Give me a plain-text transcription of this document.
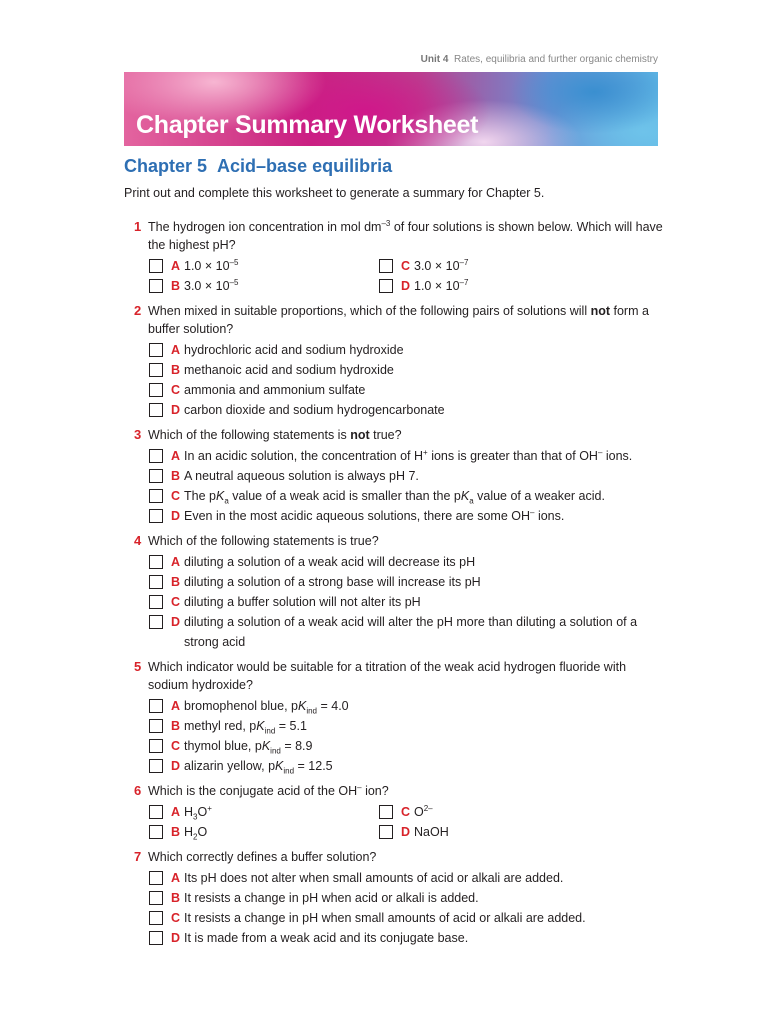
Unit 4 Rates, equilibria and further organic chemistry
Chapter Summary Worksheet
Chapter 5 Acid–base equilibria
Print out and complete this worksheet to generate a summary for Chapter 5.
1 The hydrogen ion concentration in mol $dm^{-3}$ of four solutions is shown below. Which will have the highest pH?
A $1.0 \times 10^{-5}$	C $3.0 \times 10^{-7}$
B $3.0 \times 10^{-5}$	D $1.0 \times 10^{-7}$
2 When mixed in suitable proportions, which of the following pairs of solutions will not form a buffer solution?
A hydrochloric acid and sodium hydroxide
B methanoic acid and sodium hydroxide
C ammonia and ammonium sulfate
D carbon dioxide and sodium hydrogencarbonate
3 Which of the following statements is not true?
A In an acidic solution, the concentration of H+ ions is greater than that of OH– ions.
B A neutral aqueous solution is always pH 7.
C The $pK_a$ value of a weak acid is smaller than the $pK_a$ value of a weaker acid.
D Even in the most acidic aqueous solutions, there are some OH– ions.
4 Which of the following statements is true?
A diluting a solution of a weak acid will decrease its pH
B diluting a solution of a strong base will increase its pH
C diluting a buffer solution will not alter its pH
D diluting a solution of a weak acid will alter the pH more than diluting a solution of a strong acid
5 Which indicator would be suitable for a titration of the weak acid hydrogen fluoride with sodium hydroxide?
A bromophenol blue, $pK_{ind} = 4.0$
B methyl red, $pK_{ind} = 5.1$
C thymol blue, $pK_{ind} = 8.9$
D alizarin yellow, $pK_{ind} = 12.5$
6 Which is the conjugate acid of the OH– ion?
A $H_3O^+$	C $O^{2-}$
B $H_2O$	D NaOH
7 Which correctly defines a buffer solution?
A Its pH does not alter when small amounts of acid or alkali are added.
B It resists a change in pH when acid or alkali is added.
C It resists a change in pH when small amounts of acid or alkali are added.
D It is made from a weak acid and its conjugate base.
